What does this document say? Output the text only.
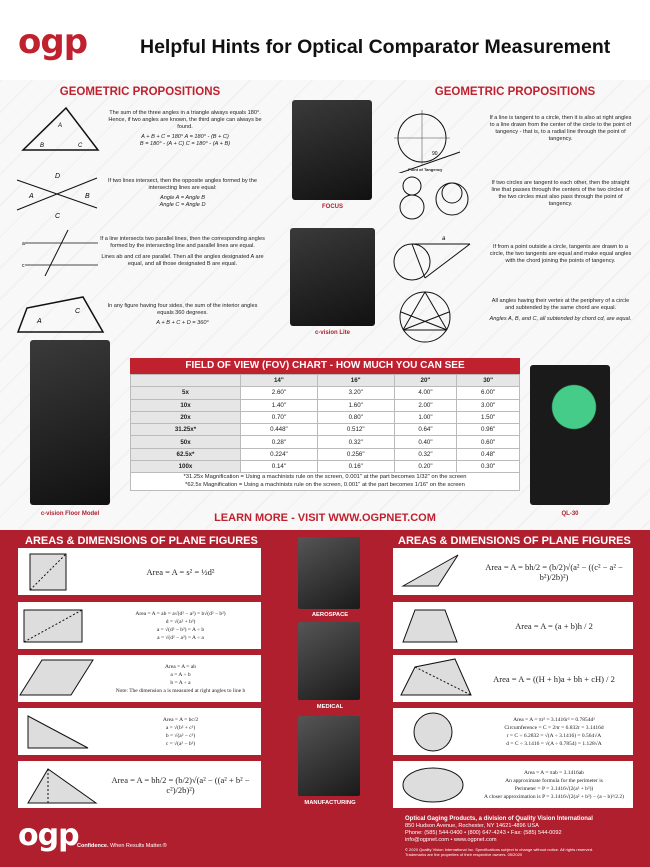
ogp	Helpful Hints for Optical Comparator Measurement
GEOMETRIC PROPOSITIONS
A
B	C
The sum of the three angles in a triangle always equals 180°. Hence, if two angles are known, the third angle can always be found.
A + B + C = 180° A = 180° - (B + C)
B = 180° - (A + C) C = 180° - (A + B)
D
C
A	B
If two lines intersect, then the opposite angles formed by the intersecting lines are equal:
Angle A = Angle B
Angle C = Angle D
a
c
If a line intersects two parallel lines, then the corresponding angles formed by the intersecting line and parallel lines are equal.
Lines ab and cd are parallel. Then all the angles designated A are equal, and all those designated B are equal.
A
C
In any figure having four sides, the sum of the interior angles equals 360 degrees.
A + B + C + D = 360°
FOCUS
c-vision Lite
GEOMETRIC PROPOSITIONS
90
If a line is tangent to a circle, then it is also at right angles to a line drawn from the center of the circle to the point of tangency - that is, to a radial line through the point of tangency.
Point of Tangency
If two circles are tangent to each other, then the straight line that passes through the centers of the two circles of the two circles must also pass through the point of tangency.
a
If from a point outside a circle, tangents are drawn to a circle, the two tangents are equal and make equal angles with the chord joining the points of tangency.
All angles having their vertex at the periphery of a circle and subtended by the same chord are equal.
Angles A, B, and C, all subtended by chord cd, are equal.
c-vision Floor Model	QL-30
FIELD OF VIEW (FOV) CHART - HOW MUCH YOU CAN SEE
	14"	16"	20"	30"
5x	2.60"	3.20"	4.00"	6.00"
10x	1.40"	1.60"	2.00"	3.00"
20x	0.70"	0.80"	1.00"	1.50"
31.25x*	0.448"	0.512"	0.64"	0.96"
50x	0.28"	0.32"	0.40"	0.60"
62.5x*	0.224"	0.256"	0.32"	0.48"
100x	0.14"	0.16"	0.20"	0.30"
*31.25x Magnification = Using a machinists rule on the screen, 0.001" at the part becomes 1/32" on the screen
*62.5x Magnification = Using a machinists rule on the screen, 0.001" at the part becomes 1/16" on the screen
LEARN MORE - VISIT WWW.OGPNET.COM
AREAS & DIMENSIONS OF PLANE FIGURES	AREAS & DIMENSIONS OF PLANE FIGURES
Area = A = s² = ½d²
Area = A = ab = a√(d² − a²) = b√(d² − b²)
d = √(a² + b²)
a = √(d² − b²) = A ÷ b
a = √(d² − a²) = A ÷ a
Area = A = ab
a = A ÷ b
b = A ÷ a
Note: The dimension a is measured at right angles to line b
Area = A = bc/2
a = √(b² + c²)
b = √(a² − c²)
c = √(a² − b²)
Area = A = bh/2 = (b/2)√(a² − ((a² + b² − c²)/2b)²)
Area = A = bh/2 = (b/2)√(a² − ((c² − a² − b²)/2b)²)
Area = A = (a + b)h / 2
Area = A = ((H + h)a + bh + cH) / 2
Area = A = πr² = 3.1416r² = 0.7854d²
Circumference = C = 2πr = 6.832r = 3.1416d
r = C ÷ 6.2832 = √(A ÷ 3.1416) = 0.564√A
d = C ÷ 3.1416 = √(A ÷ 0.7854) = 1.128√A
Area = A = πab = 3.1416ab
An approximate formula for the perimeter is
Perimeter = P = 3.1416√(2(a² + b²))
A closer approximation is P = 3.1416√(2(a² + b²) − (a − b)²/2.2)
AEROSPACE
MEDICAL
MANUFACTURING
ogp
Confidence. When Results Matter.®
Optical Gaging Products, a division of Quality Vision International
850 Hudson Avenue, Rochester, NY 14621-4896 USA
Phone: (585) 544-0400 • (800) 647-4243 • Fax: (585) 544-0092
info@ogpnet.com • www.ogpnet.com
© 2020 Quality Vision International Inc. Specifications subject to change without notice. All rights reserved.
Trademarks are the properties of their respective owners. 05/2020
